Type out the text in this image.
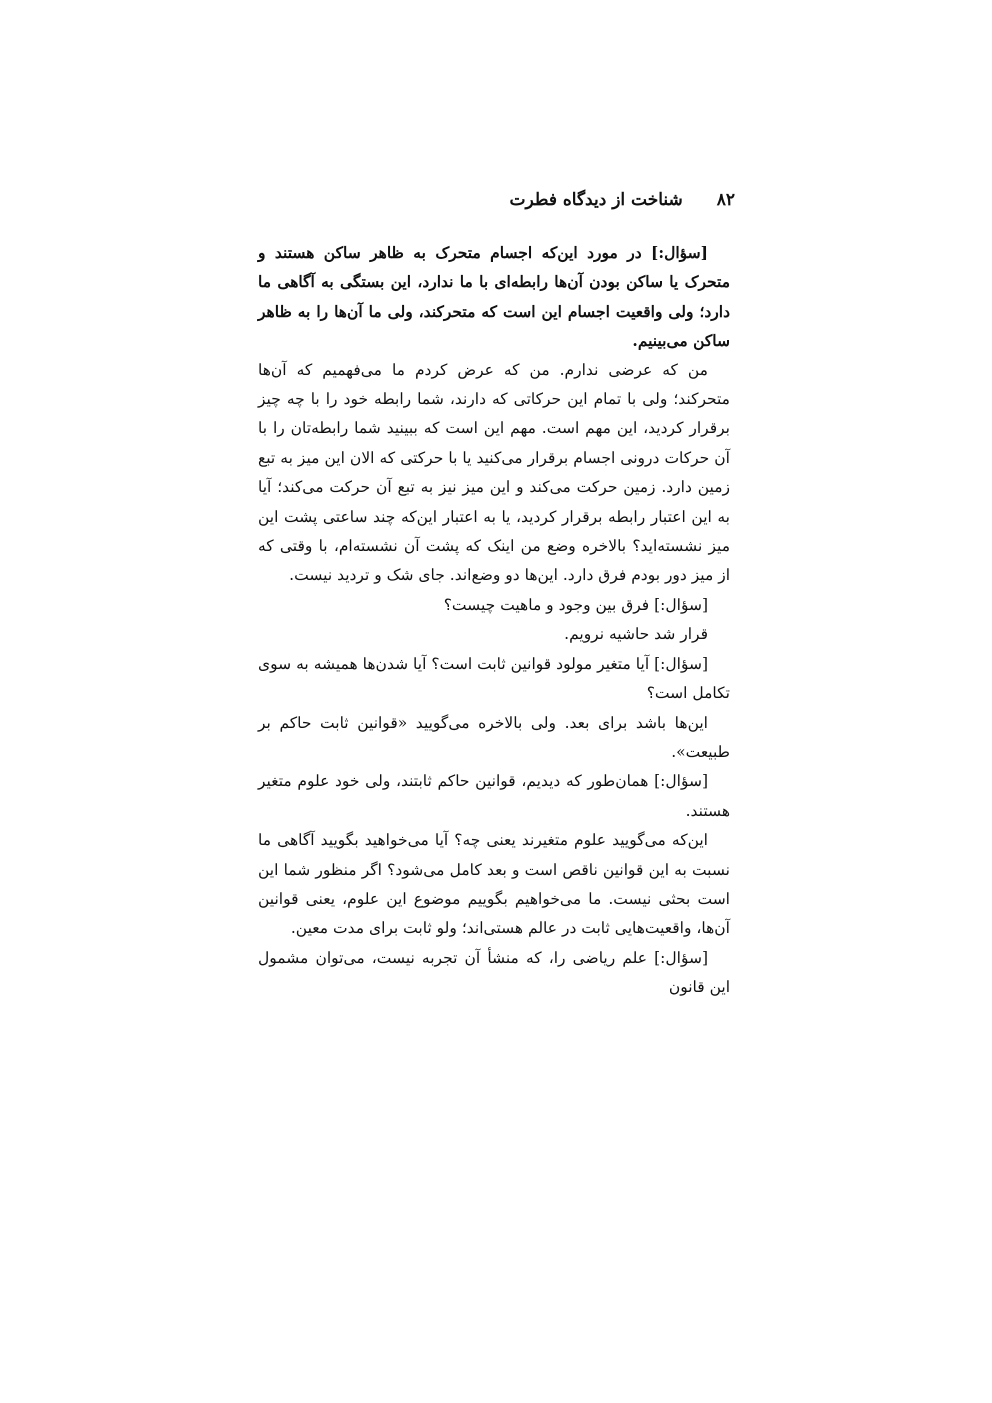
۸۲ شناخت از دیدگاه فطرت

[سؤال:] در مورد این‌که اجسام متحرک به ظاهر ساکن هستند و متحرک یا ساکن بودن آن‌ها رابطه‌ای با ما ندارد، این بستگی به آگاهی ما دارد؛ ولی واقعیت اجسام این است که متحرکند، ولی ما آن‌ها را به ظاهر ساکن می‌بینیم.

من که عرضی ندارم. من که عرض کردم ما می‌فهمیم که آن‌ها متحرکند؛ ولی با تمام این حرکاتی که دارند، شما رابطه خود را با چه چیز برقرار کردید، این مهم است. مهم این است که ببینید شما رابطه‌تان را با آن حرکات درونی اجسام برقرار می‌کنید یا با حرکتی که الان این میز به تبع زمین دارد. زمین حرکت می‌کند و این میز نیز به تبع آن حرکت می‌کند؛ آیا به این اعتبار رابطه برقرار کردید، یا به اعتبار این‌که چند ساعتی پشت این میز نشسته‌اید؟ بالاخره وضع من اینک که پشت آن نشسته‌ام، با وقتی که از میز دور بودم فرق دارد. این‌ها دو وضع‌اند. جای شک و تردید نیست.

[سؤال:] فرق بین وجود و ماهیت چیست؟

قرار شد حاشیه نرویم.

[سؤال:] آیا متغیر مولود قوانین ثابت است؟ آیا شدن‌ها همیشه به سوی تکامل است؟

این‌ها باشد برای بعد. ولی بالاخره می‌گویید «قوانین ثابت حاکم بر طبیعت».

[سؤال:] همان‌طور که دیدیم، قوانین حاکم ثابتند، ولی خود علوم متغیر هستند.

این‌که می‌گویید علوم متغیرند یعنی چه؟ آیا می‌خواهید بگویید آگاهی ما نسبت به این قوانین ناقص است و بعد کامل می‌شود؟ اگر منظور شما این است بحثی نیست. ما می‌خواهیم بگوییم موضوع این علوم، یعنی قوانین آن‌ها، واقعیت‌هایی ثابت در عالم هستی‌اند؛ ولو ثابت برای مدت معین.

[سؤال:] علم ریاضی را، که منشأ آن تجربه نیست، می‌توان مشمول این قانون
